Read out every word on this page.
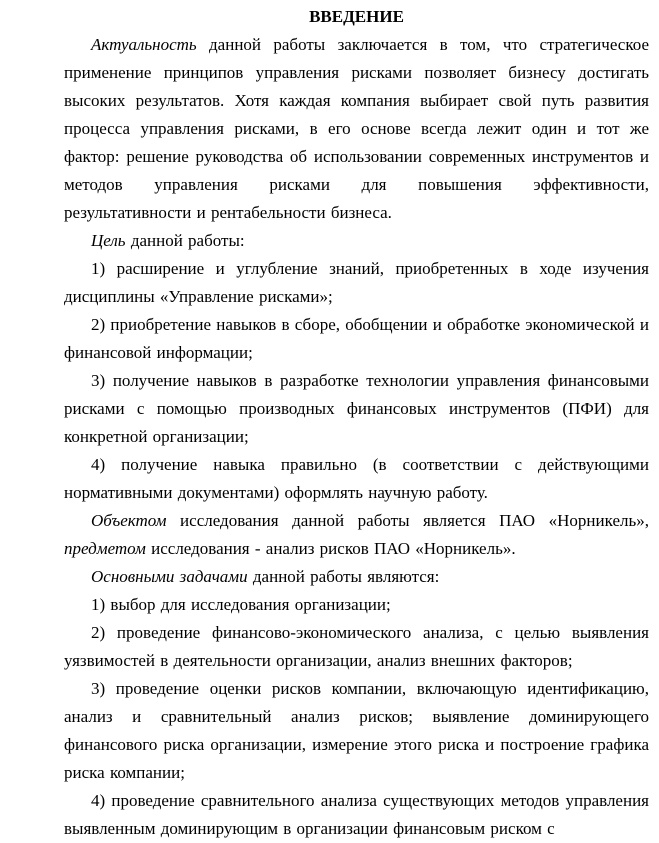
ВВЕДЕНИЕ

Актуальность данной работы заключается в том, что стратегическое применение принципов управления рисками позволяет бизнесу достигать высоких результатов. Хотя каждая компания выбирает свой путь развития процесса управления рисками, в его основе всегда лежит один и тот же фактор: решение руководства об использовании современных инструментов и методов управления рисками для повышения эффективности, результативности и рентабельности бизнеса.

Цель данной работы:

1) расширение и углубление знаний, приобретенных в ходе изучения дисциплины «Управление рисками»;

2) приобретение навыков в сборе, обобщении и обработке экономической и финансовой информации;

3) получение навыков в разработке технологии управления финансовыми рисками с помощью производных финансовых инструментов (ПФИ) для конкретной организации;

4) получение навыка правильно (в соответствии с действующими нормативными документами) оформлять научную работу.

Объектом исследования данной работы является ПАО «Норникель», предметом исследования - анализ рисков ПАО «Норникель».

Основными задачами данной работы являются:

1) выбор для исследования организации;

2) проведение финансово-экономического анализа, с целью выявления уязвимостей в деятельности организации, анализ внешних факторов;

3) проведение оценки рисков компании, включающую идентификацию, анализ и сравнительный анализ рисков; выявление доминирующего финансового риска организации, измерение этого риска и построение графика риска компании;

4) проведение сравнительного анализа существующих методов управления выявленным доминирующим в организации финансовым риском с
